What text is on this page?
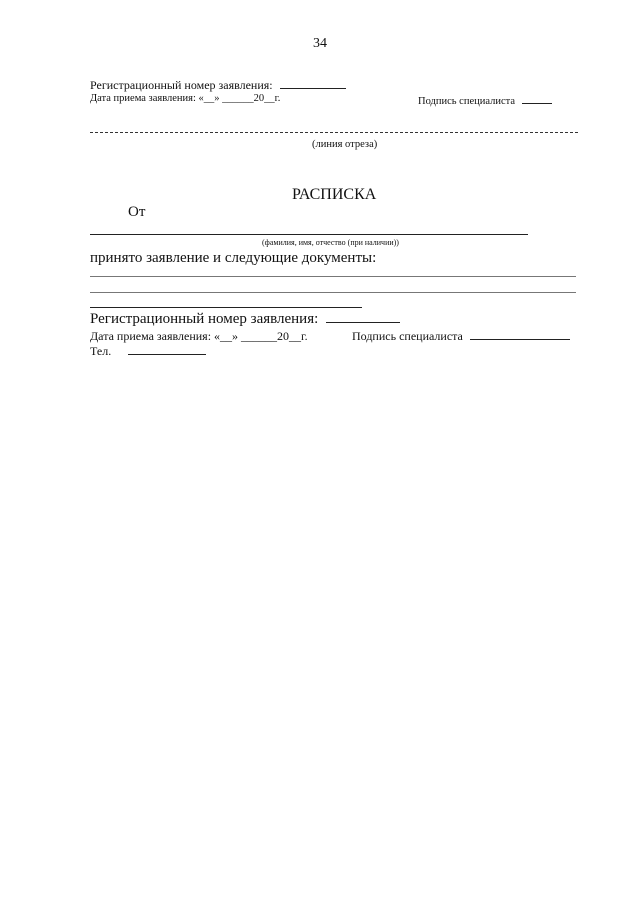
34
Регистрационный номер заявления:
Дата приема заявления: «__» ______20__г.	Подпись специалиста
(линия отреза)
РАСПИСКА
От
(фамилия, имя, отчество (при наличии))
принято заявление и следующие документы:
Регистрационный номер заявления:
Дата приема заявления: «__» ______20__г.	Подпись специалиста
Тел.
